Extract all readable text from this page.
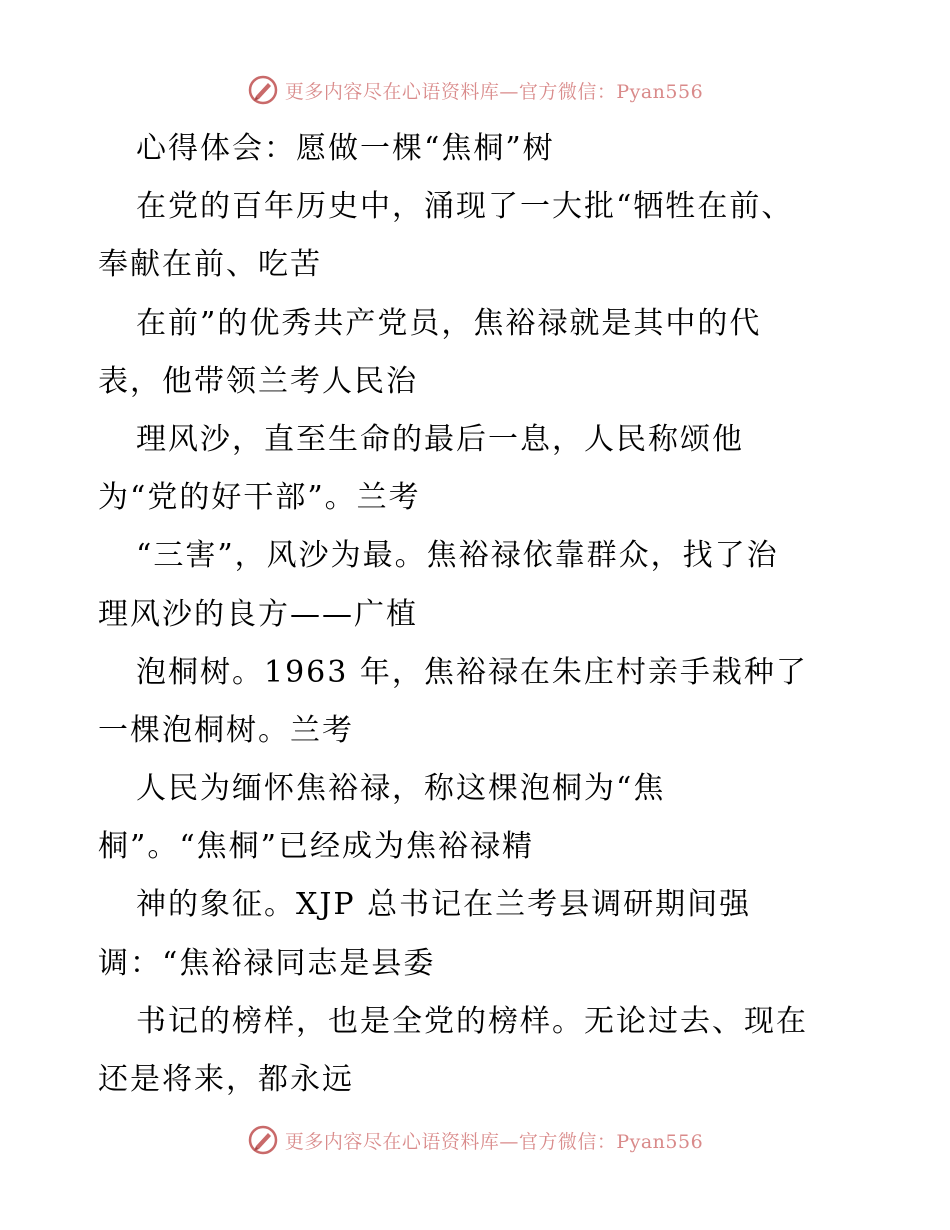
更多内容尽在心语资料库—官方微信：Pyan556
心得体会：愿做一棵“焦桐”树
在党的百年历史中，涌现了一大批“牺牲在前、
奉献在前、吃苦
在前”的优秀共产党员，焦裕禄就是其中的代
表，他带领兰考人民治
理风沙，直至生命的最后一息，人民称颂他
为“党的好干部”。兰考
“三害”，风沙为最。焦裕禄依靠群众，找了治
理风沙的良方——广植
泡桐树。1963 年，焦裕禄在朱庄村亲手栽种了
一棵泡桐树。兰考
人民为缅怀焦裕禄，称这棵泡桐为“焦
桐”。“焦桐”已经成为焦裕禄精
神的象征。XJP 总书记在兰考县调研期间强
调：“焦裕禄同志是县委
书记的榜样，也是全党的榜样。无论过去、现在
还是将来，都永远
更多内容尽在心语资料库—官方微信：Pyan556
